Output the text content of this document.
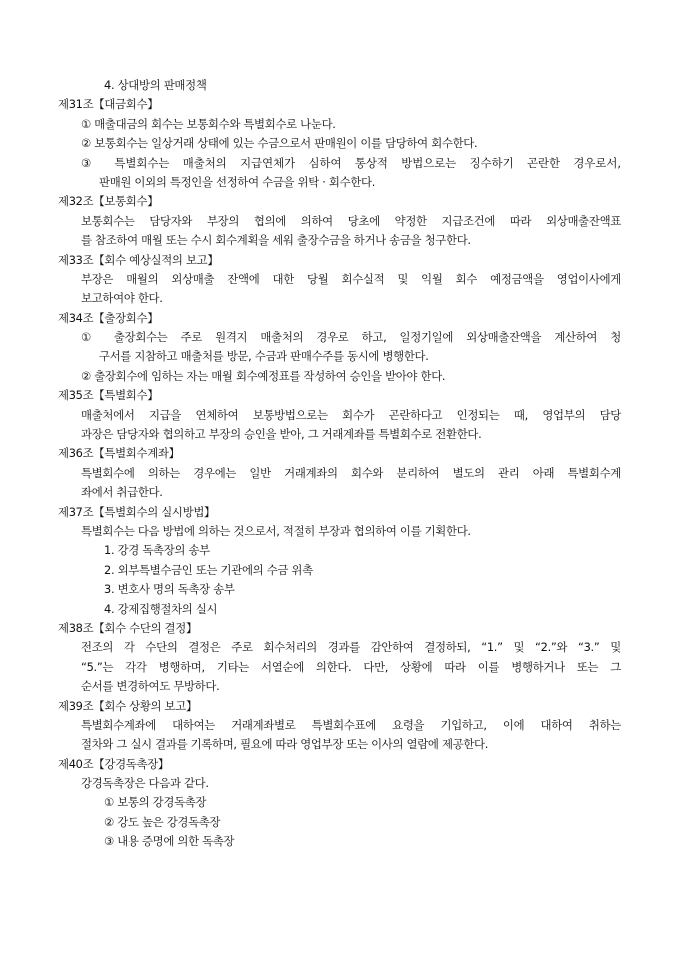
4. 상대방의 판매정책
제31조【대금회수】
① 매출대금의 회수는 보통회수와 특별회수로 나눈다.
② 보통회수는 일상거래 상태에 있는 수금으로서 판매원이 이를 담당하여 회수한다.
③ 특별회수는 매출처의 지급연체가 심하여 통상적 방법으로는 징수하기 곤란한 경우로서,
판매원 이외의 특정인을 선정하여 수금을 위탁 · 회수한다.
제32조【보통회수】
보통회수는 담당자와 부장의 협의에 의하여 당초에 약정한 지급조건에 따라 외상매출잔액표
를 참조하여 매월 또는 수시 회수계획을 세워 출장수금을 하거나 송금을 청구한다.
제33조【회수 예상실적의 보고】
부장은 매월의 외상매출 잔액에 대한 당월 회수실적 및 익월 회수 예정금액을 영업이사에게
보고하여야 한다.
제34조【출장회수】
① 출장회수는 주로 원격지 매출처의 경우로 하고, 일정기일에 외상매출잔액을 계산하여 청
구서를 지참하고 매출처를 방문, 수금과 판매수주를 동시에 병행한다.
② 출장회수에 임하는 자는 매월 회수예정표를 작성하여 승인을 받아야 한다.
제35조【특별회수】
매출처에서 지급을 연체하여 보통방법으로는 회수가 곤란하다고 인정되는 때, 영업부의 담당
과장은 담당자와 협의하고 부장의 승인을 받아, 그 거래계좌를 특별회수로 전환한다.
제36조【특별회수계좌】
특별회수에 의하는 경우에는 일반 거래계좌의 회수와 분리하여 별도의 관리 아래 특별회수계
좌에서 취급한다.
제37조【특별회수의 실시방법】
특별회수는 다음 방법에 의하는 것으로서, 적절히 부장과 협의하여 이를 기획한다.
1. 강경 독촉장의 송부
2. 외부특별수금인 또는 기관에의 수금 위촉
3. 변호사 명의 독촉장 송부
4. 강제집행절차의 실시
제38조【회수 수단의 결정】
전조의 각 수단의 결정은 주로 회수처리의 경과를 감안하여 결정하되, “1.” 및 “2.”와 “3.” 및
“5.”는 각각 병행하며, 기타는 서열순에 의한다. 다만, 상황에 따라 이를 병행하거나 또는 그
순서를 변경하여도 무방하다.
제39조【회수 상황의 보고】
특별회수계좌에 대하여는 거래계좌별로 특별회수표에 요령을 기입하고, 이에 대하여 취하는
절차와 그 실시 결과를 기록하며, 필요에 따라 영업부장 또는 이사의 열람에 제공한다.
제40조【강경독촉장】
강경독촉장은 다음과 같다.
① 보통의 강경독촉장
② 강도 높은 강경독촉장
③ 내용 증명에 의한 독촉장
